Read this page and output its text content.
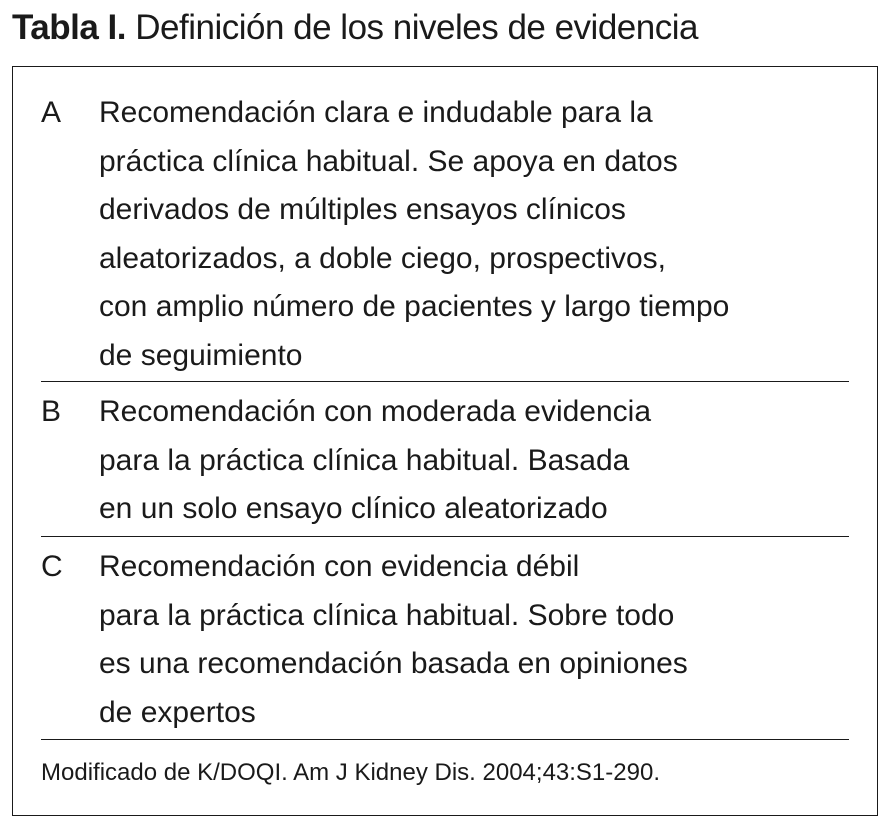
Tabla I. Definición de los niveles de evidencia
A	Recomendación clara e indudable para la
práctica clínica habitual. Se apoya en datos
derivados de múltiples ensayos clínicos
aleatorizados, a doble ciego, prospectivos,
con amplio número de pacientes y largo tiempo
de seguimiento
B	Recomendación con moderada evidencia
para la práctica clínica habitual. Basada
en un solo ensayo clínico aleatorizado
C	Recomendación con evidencia débil
para la práctica clínica habitual. Sobre todo
es una recomendación basada en opiniones
de expertos
Modificado de K/DOQI. Am J Kidney Dis. 2004;43:S1-290.
